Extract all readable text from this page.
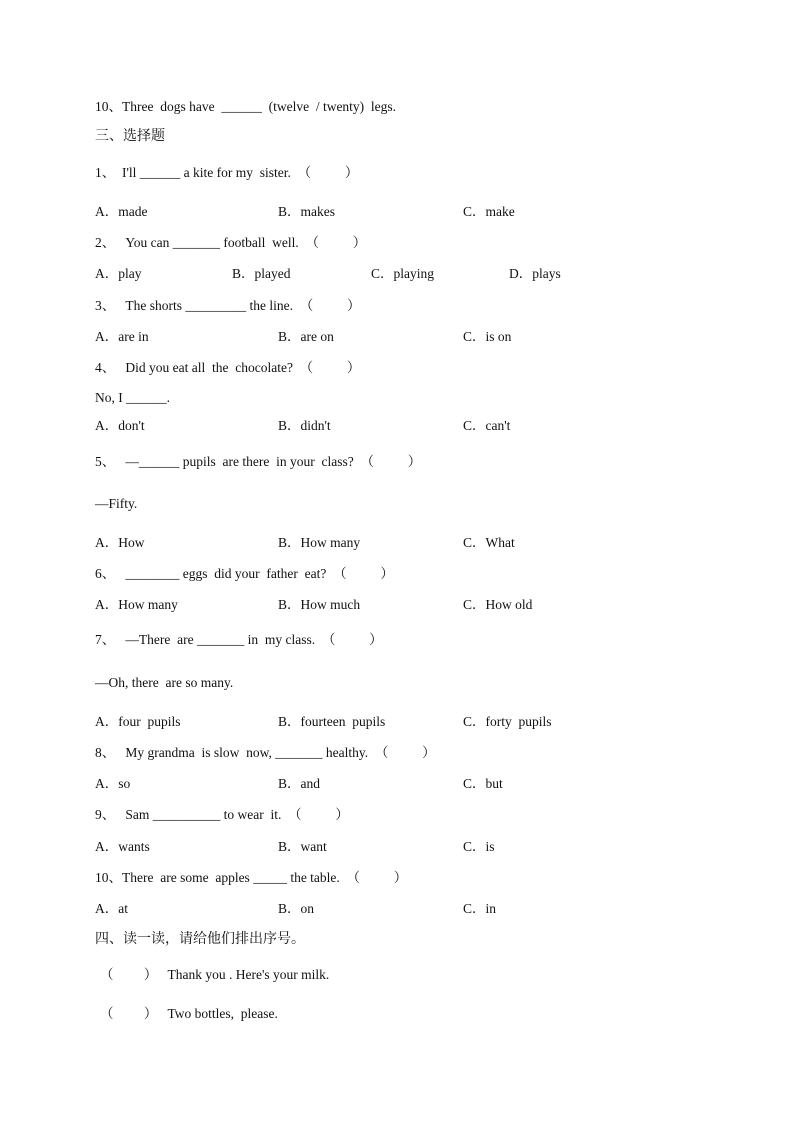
10、Three  dogs have  ______  (twelve  / twenty)  legs.
三、选择题
1、  I'll ______ a kite for my  sister.  （          ）
A．made	B．makes	C．make
2、   You can _______ football  well.  （          ）
A．play	B．played	C．playing	D．plays
3、   The shorts _________ the line.  （          ）
A．are in	B．are on	C．is on
4、   Did you eat all  the  chocolate?  （          ）
No, I ______.
A．don't	B．didn't	C．can't
5、   —______ pupils  are there  in your  class?  （          ）
—Fifty.
A．How	B．How many	C．What
6、   ________ eggs  did your  father  eat?  （          ）
A．How many	B．How much	C．How old
7、   —There  are _______ in  my class.  （          ）
—Oh, there  are so many.
A．four  pupils	B．fourteen  pupils	C．forty  pupils
8、   My grandma  is slow  now, _______ healthy.  （          ）
A．so	B．and	C．but
9、   Sam __________ to wear  it.  （          ）
A．wants	B．want	C．is
10、There  are some  apples _____ the table.  （          ）
A．at	B．on	C．in
四、读一读，请给他们排出序号。
（         ）   Thank you . Here's your milk.
（         ）   Two bottles,  please.
